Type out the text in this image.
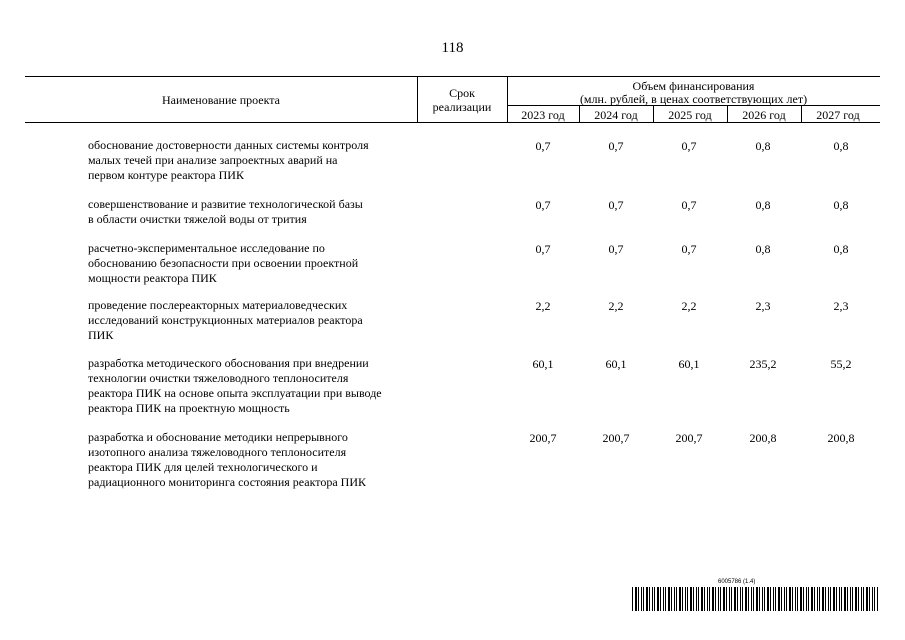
118
Наименование проекта	Срок
реализации
Объем финансирования
(млн. рублей, в ценах соответствующих лет)
2023 год	2024 год	2025 год	2026 год	2027 год
обоснование достоверности данных системы контроля
малых течей при анализе запроектных аварий на
первом контуре реактора ПИК
0,7	0,7	0,7	0,8	0,8
совершенствование и развитие технологической базы
в области очистки тяжелой воды от трития
0,7	0,7	0,7	0,8	0,8
расчетно-экспериментальное исследование по
обоснованию безопасности при освоении проектной
мощности реактора ПИК
0,7	0,7	0,7	0,8	0,8
проведение послереакторных материаловедческих
исследований конструкционных материалов реактора
ПИК
2,2	2,2	2,2	2,3	2,3
разработка методического обоснования при внедрении
технологии очистки тяжеловодного теплоносителя
реактора ПИК на основе опыта эксплуатации при выводе
реактора ПИК на проектную мощность
60,1	60,1	60,1	235,2	55,2
разработка и обоснование методики непрерывного
изотопного анализа тяжеловодного теплоносителя
реактора ПИК для целей технологического и
радиационного мониторинга состояния реактора ПИК
200,7	200,7	200,7	200,8	200,8
6005786 (1.4)
